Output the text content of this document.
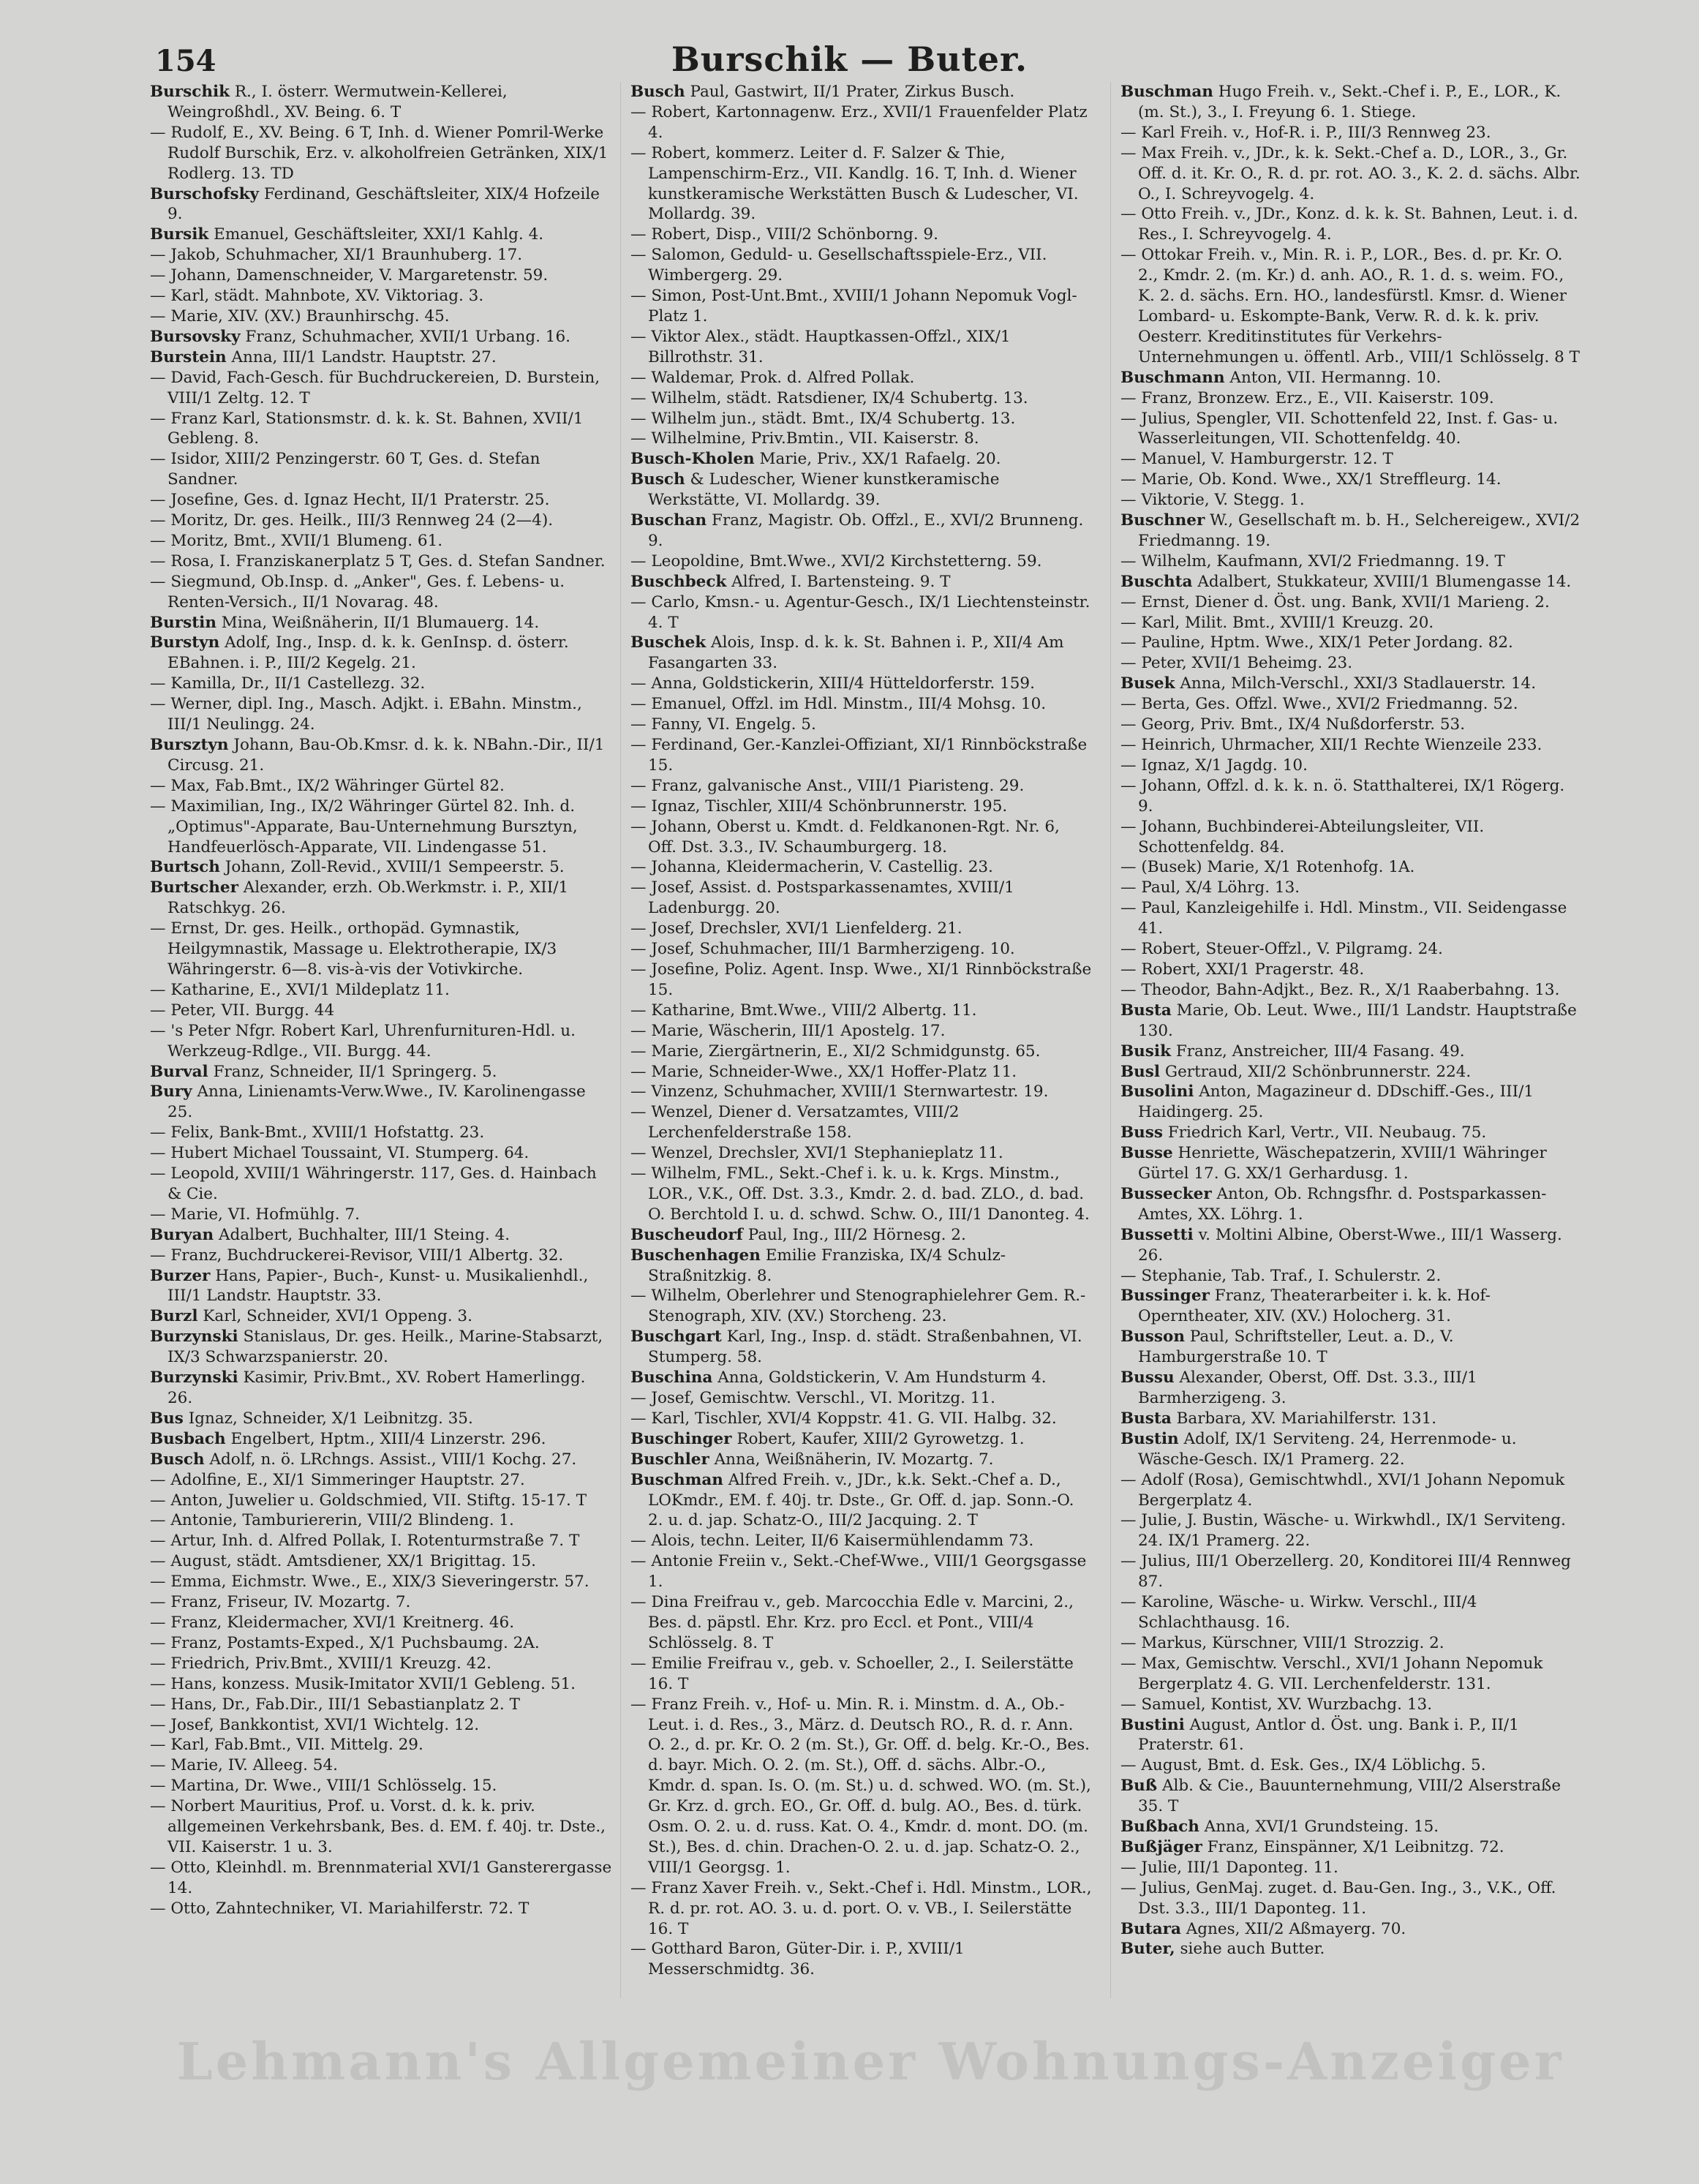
154	Burschik — Buter.

Burschik R., I. österr. Wermutwein-Kellerei, Weingroßhdl., XV. Being. 6. T

— Rudolf, E., XV. Being. 6 T, Inh. d. Wiener Pomril-Werke Rudolf Burschik, Erz. v. alkoholfreien Getränken, XIX/1 Rodlerg. 13. TD

Burschofsky Ferdinand, Geschäftsleiter, XIX/4 Hofzeile 9.

Bursik Emanuel, Geschäftsleiter, XXI/1 Kahlg. 4.

— Jakob, Schuhmacher, XI/1 Braunhuberg. 17.

— Johann, Damenschneider, V. Margaretenstr. 59.

— Karl, städt. Mahnbote, XV. Viktoriag. 3.

— Marie, XIV. (XV.) Braunhirschg. 45.

Bursovsky Franz, Schuhmacher, XVII/1 Urbang. 16.

Burstein Anna, III/1 Landstr. Hauptstr. 27.

— David, Fach-Gesch. für Buchdruckereien, D. Burstein, VIII/1 Zeltg. 12. T

— Franz Karl, Stationsmstr. d. k. k. St. Bahnen, XVII/1 Gebleng. 8.

— Isidor, XIII/2 Penzingerstr. 60 T, Ges. d. Stefan Sandner.

— Josefine, Ges. d. Ignaz Hecht, II/1 Praterstr. 25.

— Moritz, Dr. ges. Heilk., III/3 Rennweg 24 (2—4).

— Moritz, Bmt., XVII/1 Blumeng. 61.

— Rosa, I. Franziskanerplatz 5 T, Ges. d. Stefan Sandner.

— Siegmund, Ob.Insp. d. „Anker", Ges. f. Lebens- u. Renten-Versich., II/1 Novarag. 48.

Burstin Mina, Weißnäherin, II/1 Blumauerg. 14.

Burstyn Adolf, Ing., Insp. d. k. k. GenInsp. d. österr. EBahnen. i. P., III/2 Kegelg. 21.

— Kamilla, Dr., II/1 Castellezg. 32.

— Werner, dipl. Ing., Masch. Adjkt. i. EBahn. Minstm., III/1 Neulingg. 24.

Bursztyn Johann, Bau-Ob.Kmsr. d. k. k. NBahn.-Dir., II/1 Circusg. 21.

— Max, Fab.Bmt., IX/2 Währinger Gürtel 82.

— Maximilian, Ing., IX/2 Währinger Gürtel 82. Inh. d. „Optimus"-Apparate, Bau-Unternehmung Bursztyn, Handfeuerlösch-Apparate, VII. Lindengasse 51.

Burtsch Johann, Zoll-Revid., XVIII/1 Sempeerstr. 5.

Burtscher Alexander, erzh. Ob.Werkmstr. i. P., XII/1 Ratschkyg. 26.

— Ernst, Dr. ges. Heilk., orthopäd. Gymnastik, Heilgymnastik, Massage u. Elektrotherapie, IX/3 Währingerstr. 6—8. vis-à-vis der Votivkirche.

— Katharine, E., XVI/1 Mildeplatz 11.

— Peter, VII. Burgg. 44

— 's Peter Nfgr. Robert Karl, Uhrenfurnituren-Hdl. u. Werkzeug-Rdlge., VII. Burgg. 44.

Burval Franz, Schneider, II/1 Springerg. 5.

Bury Anna, Linienamts-Verw.Wwe., IV. Karolinengasse 25.

— Felix, Bank-Bmt., XVIII/1 Hofstattg. 23.

— Hubert Michael Toussaint, VI. Stumperg. 64.

— Leopold, XVIII/1 Währingerstr. 117, Ges. d. Hainbach & Cie.

— Marie, VI. Hofmühlg. 7.

Buryan Adalbert, Buchhalter, III/1 Steing. 4.

— Franz, Buchdruckerei-Revisor, VIII/1 Albertg. 32.

Burzer Hans, Papier-, Buch-, Kunst- u. Musikalienhdl., III/1 Landstr. Hauptstr. 33.

Burzl Karl, Schneider, XVI/1 Oppeng. 3.

Burzynski Stanislaus, Dr. ges. Heilk., Marine-Stabsarzt, IX/3 Schwarzspanierstr. 20.

Burzynski Kasimir, Priv.Bmt., XV. Robert Hamerlingg. 26.

Bus Ignaz, Schneider, X/1 Leibnitzg. 35.

Busbach Engelbert, Hptm., XIII/4 Linzerstr. 296.

Busch Adolf, n. ö. LRchngs. Assist., VIII/1 Kochg. 27.

— Adolfine, E., XI/1 Simmeringer Hauptstr. 27.

— Anton, Juwelier u. Goldschmied, VII. Stiftg. 15-17. T

— Antonie, Tamburiererin, VIII/2 Blindeng. 1.

— Artur, Inh. d. Alfred Pollak, I. Rotenturmstraße 7. T

— August, städt. Amtsdiener, XX/1 Brigittag. 15.

— Emma, Eichmstr. Wwe., E., XIX/3 Sieveringerstr. 57.

— Franz, Friseur, IV. Mozartg. 7.

— Franz, Kleidermacher, XVI/1 Kreitnerg. 46.

— Franz, Postamts-Exped., X/1 Puchsbaumg. 2A.

— Friedrich, Priv.Bmt., XVIII/1 Kreuzg. 42.

— Hans, konzess. Musik-Imitator XVII/1 Gebleng. 51.

— Hans, Dr., Fab.Dir., III/1 Sebastianplatz 2. T

— Josef, Bankkontist, XVI/1 Wichtelg. 12.

— Karl, Fab.Bmt., VII. Mittelg. 29.

— Marie, IV. Alleeg. 54.

— Martina, Dr. Wwe., VIII/1 Schlösselg. 15.

— Norbert Mauritius, Prof. u. Vorst. d. k. k. priv. allgemeinen Verkehrsbank, Bes. d. EM. f. 40j. tr. Dste., VII. Kaiserstr. 1 u. 3.

— Otto, Kleinhdl. m. Brennmaterial XVI/1 Gansterergasse 14.

— Otto, Zahntechniker, VI. Mariahilferstr. 72. T

Busch Paul, Gastwirt, II/1 Prater, Zirkus Busch.

— Robert, Kartonnagenw. Erz., XVII/1 Frauenfelder Platz 4.

— Robert, kommerz. Leiter d. F. Salzer & Thie, Lampenschirm-Erz., VII. Kandlg. 16. T, Inh. d. Wiener kunstkeramische Werkstätten Busch & Ludescher, VI. Mollardg. 39.

— Robert, Disp., VIII/2 Schönborng. 9.

— Salomon, Geduld- u. Gesellschaftsspiele-Erz., VII. Wimbergerg. 29.

— Simon, Post-Unt.Bmt., XVIII/1 Johann Nepomuk Vogl-Platz 1.

— Viktor Alex., städt. Hauptkassen-Offzl., XIX/1 Billrothstr. 31.

— Waldemar, Prok. d. Alfred Pollak.

— Wilhelm, städt. Ratsdiener, IX/4 Schubertg. 13.

— Wilhelm jun., städt. Bmt., IX/4 Schubertg. 13.

— Wilhelmine, Priv.Bmtin., VII. Kaiserstr. 8.

Busch-Kholen Marie, Priv., XX/1 Rafaelg. 20.

Busch & Ludescher, Wiener kunstkeramische Werkstätte, VI. Mollardg. 39.

Buschan Franz, Magistr. Ob. Offzl., E., XVI/2 Brunneng. 9.

— Leopoldine, Bmt.Wwe., XVI/2 Kirchstetterng. 59.

Buschbeck Alfred, I. Bartensteing. 9. T

— Carlo, Kmsn.- u. Agentur-Gesch., IX/1 Liechtensteinstr. 4. T

Buschek Alois, Insp. d. k. k. St. Bahnen i. P., XII/4 Am Fasangarten 33.

— Anna, Goldstickerin, XIII/4 Hütteldorferstr. 159.

— Emanuel, Offzl. im Hdl. Minstm., III/4 Mohsg. 10.

— Fanny, VI. Engelg. 5.

— Ferdinand, Ger.-Kanzlei-Offiziant, XI/1 Rinnböckstraße 15.

— Franz, galvanische Anst., VIII/1 Piaristeng. 29.

— Ignaz, Tischler, XIII/4 Schönbrunnerstr. 195.

— Johann, Oberst u. Kmdt. d. Feldkanonen-Rgt. Nr. 6, Off. Dst. 3.3., IV. Schaumburgerg. 18.

— Johanna, Kleidermacherin, V. Castellig. 23.

— Josef, Assist. d. Postsparkassenamtes, XVIII/1 Ladenburgg. 20.

— Josef, Drechsler, XVI/1 Lienfelderg. 21.

— Josef, Schuhmacher, III/1 Barmherzigeng. 10.

— Josefine, Poliz. Agent. Insp. Wwe., XI/1 Rinnböckstraße 15.

— Katharine, Bmt.Wwe., VIII/2 Albertg. 11.

— Marie, Wäscherin, III/1 Apostelg. 17.

— Marie, Ziergärtnerin, E., XI/2 Schmidgunstg. 65.

— Marie, Schneider-Wwe., XX/1 Hoffer-Platz 11.

— Vinzenz, Schuhmacher, XVIII/1 Sternwartestr. 19.

— Wenzel, Diener d. Versatzamtes, VIII/2 Lerchenfelderstraße 158.

— Wenzel, Drechsler, XVI/1 Stephanieplatz 11.

— Wilhelm, FML., Sekt.-Chef i. k. u. k. Krgs. Minstm., LOR., V.K., Off. Dst. 3.3., Kmdr. 2. d. bad. ZLO., d. bad. O. Berchtold I. u. d. schwd. Schw. O., III/1 Danonteg. 4.

Buscheudorf Paul, Ing., III/2 Hörnesg. 2.

Buschenhagen Emilie Franziska, IX/4 Schulz-Straßnitzkig. 8.

— Wilhelm, Oberlehrer und Stenographielehrer Gem. R.-Stenograph, XIV. (XV.) Storcheng. 23.

Buschgart Karl, Ing., Insp. d. städt. Straßenbahnen, VI. Stumperg. 58.

Buschina Anna, Goldstickerin, V. Am Hundsturm 4.

— Josef, Gemischtw. Verschl., VI. Moritzg. 11.

— Karl, Tischler, XVI/4 Koppstr. 41. G. VII. Halbg. 32.

Buschinger Robert, Kaufer, XIII/2 Gyrowetzg. 1.

Buschler Anna, Weißnäherin, IV. Mozartg. 7.

Buschman Alfred Freih. v., JDr., k.k. Sekt.-Chef a. D., LOKmdr., EM. f. 40j. tr. Dste., Gr. Off. d. jap. Sonn.-O. 2. u. d. jap. Schatz-O., III/2 Jacquing. 2. T

— Alois, techn. Leiter, II/6 Kaisermühlendamm 73.

— Antonie Freiin v., Sekt.-Chef-Wwe., VIII/1 Georgsgasse 1.

— Dina Freifrau v., geb. Marcocchia Edle v. Marcini, 2., Bes. d. päpstl. Ehr. Krz. pro Eccl. et Pont., VIII/4 Schlösselg. 8. T

— Emilie Freifrau v., geb. v. Schoeller, 2., I. Seilerstätte 16. T

— Franz Freih. v., Hof- u. Min. R. i. Minstm. d. A., Ob.-Leut. i. d. Res., 3., März. d. Deutsch RO., R. d. r. Ann. O. 2., d. pr. Kr. O. 2 (m. St.), Gr. Off. d. belg. Kr.-O., Bes. d. bayr. Mich. O. 2. (m. St.), Off. d. sächs. Albr.-O., Kmdr. d. span. Is. O. (m. St.) u. d. schwed. WO. (m. St.), Gr. Krz. d. grch. EO., Gr. Off. d. bulg. AO., Bes. d. türk. Osm. O. 2. u. d. russ. Kat. O. 4., Kmdr. d. mont. DO. (m. St.), Bes. d. chin. Drachen-O. 2. u. d. jap. Schatz-O. 2., VIII/1 Georgsg. 1.

— Franz Xaver Freih. v., Sekt.-Chef i. Hdl. Minstm., LOR., R. d. pr. rot. AO. 3. u. d. port. O. v. VB., I. Seilerstätte 16. T

— Gotthard Baron, Güter-Dir. i. P., XVIII/1 Messerschmidtg. 36.

Buschman Hugo Freih. v., Sekt.-Chef i. P., E., LOR., K. (m. St.), 3., I. Freyung 6. 1. Stiege.

— Karl Freih. v., Hof-R. i. P., III/3 Rennweg 23.

— Max Freih. v., JDr., k. k. Sekt.-Chef a. D., LOR., 3., Gr. Off. d. it. Kr. O., R. d. pr. rot. AO. 3., K. 2. d. sächs. Albr. O., I. Schreyvogelg. 4.

— Otto Freih. v., JDr., Konz. d. k. k. St. Bahnen, Leut. i. d. Res., I. Schreyvogelg. 4.

— Ottokar Freih. v., Min. R. i. P., LOR., Bes. d. pr. Kr. O. 2., Kmdr. 2. (m. Kr.) d. anh. AO., R. 1. d. s. weim. FO., K. 2. d. sächs. Ern. HO., landesfürstl. Kmsr. d. Wiener Lombard- u. Eskompte-Bank, Verw. R. d. k. k. priv. Oesterr. Kreditinstitutes für Verkehrs-Unternehmungen u. öffentl. Arb., VIII/1 Schlösselg. 8 T

Buschmann Anton, VII. Hermanng. 10.

— Franz, Bronzew. Erz., E., VII. Kaiserstr. 109.

— Julius, Spengler, VII. Schottenfeld 22, Inst. f. Gas- u. Wasserleitungen, VII. Schottenfeldg. 40.

— Manuel, V. Hamburgerstr. 12. T

— Marie, Ob. Kond. Wwe., XX/1 Streffleurg. 14.

— Viktorie, V. Stegg. 1.

Buschner W., Gesellschaft m. b. H., Selchereigew., XVI/2 Friedmanng. 19.

— Wilhelm, Kaufmann, XVI/2 Friedmanng. 19. T

Buschta Adalbert, Stukkateur, XVIII/1 Blumengasse 14.

— Ernst, Diener d. Öst. ung. Bank, XVII/1 Marieng. 2.

— Karl, Milit. Bmt., XVIII/1 Kreuzg. 20.

— Pauline, Hptm. Wwe., XIX/1 Peter Jordang. 82.

— Peter, XVII/1 Beheimg. 23.

Busek Anna, Milch-Verschl., XXI/3 Stadlauerstr. 14.

— Berta, Ges. Offzl. Wwe., XVI/2 Friedmanng. 52.

— Georg, Priv. Bmt., IX/4 Nußdorferstr. 53.

— Heinrich, Uhrmacher, XII/1 Rechte Wienzeile 233.

— Ignaz, X/1 Jagdg. 10.

— Johann, Offzl. d. k. k. n. ö. Statthalterei, IX/1 Rögerg. 9.

— Johann, Buchbinderei-Abteilungsleiter, VII. Schottenfeldg. 84.

— (Busek) Marie, X/1 Rotenhofg. 1A.

— Paul, X/4 Löhrg. 13.

— Paul, Kanzleigehilfe i. Hdl. Minstm., VII. Seidengasse 41.

— Robert, Steuer-Offzl., V. Pilgramg. 24.

— Robert, XXI/1 Pragerstr. 48.

— Theodor, Bahn-Adjkt., Bez. R., X/1 Raaberbahng. 13.

Busta Marie, Ob. Leut. Wwe., III/1 Landstr. Hauptstraße 130.

Busik Franz, Anstreicher, III/4 Fasang. 49.

Busl Gertraud, XII/2 Schönbrunnerstr. 224.

Busolini Anton, Magazineur d. DDschiff.-Ges., III/1 Haidingerg. 25.

Buss Friedrich Karl, Vertr., VII. Neubaug. 75.

Busse Henriette, Wäschepatzerin, XVIII/1 Währinger Gürtel 17. G. XX/1 Gerhardusg. 1.

Bussecker Anton, Ob. Rchngsfhr. d. Postsparkassen-Amtes, XX. Löhrg. 1.

Bussetti v. Moltini Albine, Oberst-Wwe., III/1 Wasserg. 26.

— Stephanie, Tab. Traf., I. Schulerstr. 2.

Bussinger Franz, Theaterarbeiter i. k. k. Hof-Operntheater, XIV. (XV.) Holocherg. 31.

Busson Paul, Schriftsteller, Leut. a. D., V. Hamburgerstraße 10. T

Bussu Alexander, Oberst, Off. Dst. 3.3., III/1 Barmherzigeng. 3.

Busta Barbara, XV. Mariahilferstr. 131.

Bustin Adolf, IX/1 Serviteng. 24, Herrenmode- u. Wäsche-Gesch. IX/1 Pramerg. 22.

— Adolf (Rosa), Gemischtwhdl., XVI/1 Johann Nepomuk Bergerplatz 4.

— Julie, J. Bustin, Wäsche- u. Wirkwhdl., IX/1 Serviteng. 24. IX/1 Pramerg. 22.

— Julius, III/1 Oberzellerg. 20, Konditorei III/4 Rennweg 87.

— Karoline, Wäsche- u. Wirkw. Verschl., III/4 Schlachthausg. 16.

— Markus, Kürschner, VIII/1 Strozzig. 2.

— Max, Gemischtw. Verschl., XVI/1 Johann Nepomuk Bergerplatz 4. G. VII. Lerchenfelderstr. 131.

— Samuel, Kontist, XV. Wurzbachg. 13.

Bustini August, Antlor d. Öst. ung. Bank i. P., II/1 Praterstr. 61.

— August, Bmt. d. Esk. Ges., IX/4 Löblichg. 5.

Buß Alb. & Cie., Bauunternehmung, VIII/2 Alserstraße 35. T

Bußbach Anna, XVI/1 Grundsteing. 15.

Bußjäger Franz, Einspänner, X/1 Leibnitzg. 72.

— Julie, III/1 Daponteg. 11.

— Julius, GenMaj. zuget. d. Bau-Gen. Ing., 3., V.K., Off. Dst. 3.3., III/1 Daponteg. 11.

Butara Agnes, XII/2 Aßmayerg. 70.

Buter, siehe auch Butter.

Lehmann's Allgemeiner Wohnungs-Anzeiger
